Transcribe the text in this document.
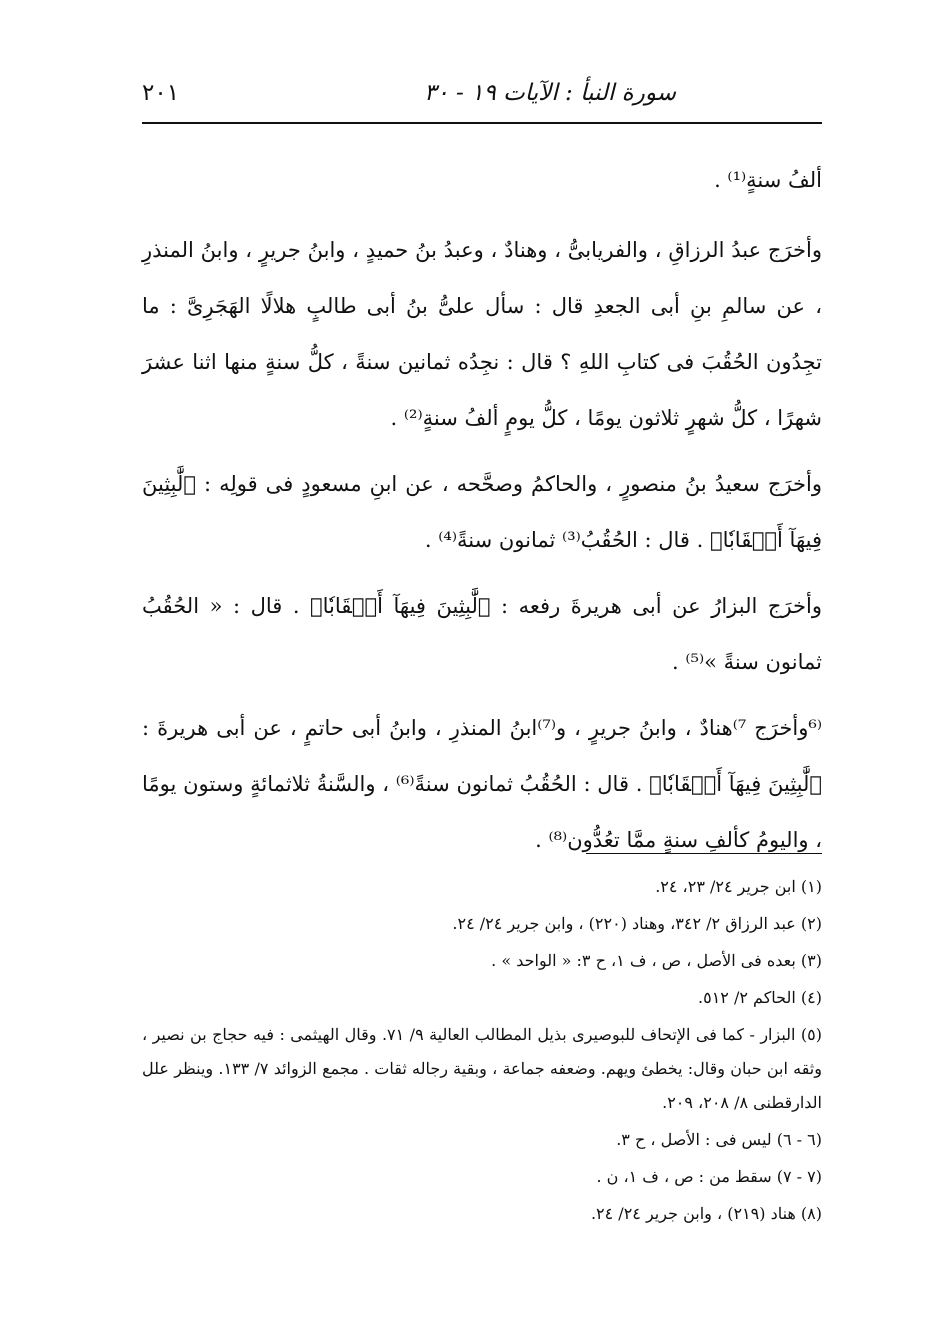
سورة النبأ : الآيات ١٩ - ٣٠
٢٠١

ألفُ سنةٍ⁽¹⁾ .

وأخرَج عبدُ الرزاقِ ، والفريابىُّ ، وهنادٌ ، وعبدُ بنُ حميدٍ ، وابنُ جريرٍ ، وابنُ المنذرِ ، عن سالمِ بنِ أبى الجعدِ قال : سأل علىُّ بنُ أبى طالبٍ هلالًا الهَجَرِىَّ : ما تجِدُون الحُقُبَ فى كتابِ اللهِ ؟ قال : نجِدُه ثمانين سنةً ، كلُّ سنةٍ منها اثنا عشرَ شهرًا ، كلُّ شهرٍ ثلاثون يومًا ، كلُّ يومٍ ألفُ سنةٍ⁽²⁾ .

وأخرَج سعيدُ بنُ منصورٍ ، والحاكمُ وصحَّحه ، عن ابنِ مسعودٍ فى قولِه : ﴿لَّٰبِثِينَ فِيهَآ أَحۡقَابٗا﴾ . قال : الحُقُبُ⁽³⁾ ثمانون سنةً⁽⁴⁾ .

وأخرَج البزارُ عن أبى هريرةَ رفعه : ﴿لَّٰبِثِينَ فِيهَآ أَحۡقَابٗا﴾ . قال : « الحُقُبُ ثمانون سنةً »⁽⁵⁾ .

⁽⁶وأخرَج ⁷⁾هنادٌ ، وابنُ جريرٍ ، و⁽⁷⁾ابنُ المنذرِ ، وابنُ أبى حاتمٍ ، عن أبى هريرةَ : ﴿لَّٰبِثِينَ فِيهَآ أَحۡقَابٗا﴾ . قال : الحُقُبُ ثمانون سنةً⁽⁶⁾ ، والسَّنةُ ثلاثمائةٍ وستون يومًا ، واليومُ كألفِ سنةٍ ممَّا تعُدُّون⁽⁸⁾ .

(١) ابن جرير ٢٤/ ٢٣، ٢٤.

(٢) عبد الرزاق ٢/ ٣٤٢، وهناد (٢٢٠) ، وابن جرير ٢٤/ ٢٤.

(٣) بعده فى الأصل ، ص ، ف ١، ح ٣: « الواحد » .

(٤) الحاكم ٢/ ٥١٢.

(٥) البزار - كما فى الإتحاف للبوصيرى بذيل المطالب العالية ٩/ ٧١. وقال الهيثمى : فيه حجاج بن نصير ، وثقه ابن حبان وقال: يخطئ ويهم. وضعفه جماعة ، وبقية رجاله ثقات . مجمع الزوائد ٧/ ١٣٣. وينظر علل الدارقطنى ٨/ ٢٠٨، ٢٠٩.

(٦ - ٦) ليس فى : الأصل ، ح ٣.

(٧ - ٧) سقط من : ص ، ف ١، ن .

(٨) هناد (٢١٩) ، وابن جرير ٢٤/ ٢٤.
